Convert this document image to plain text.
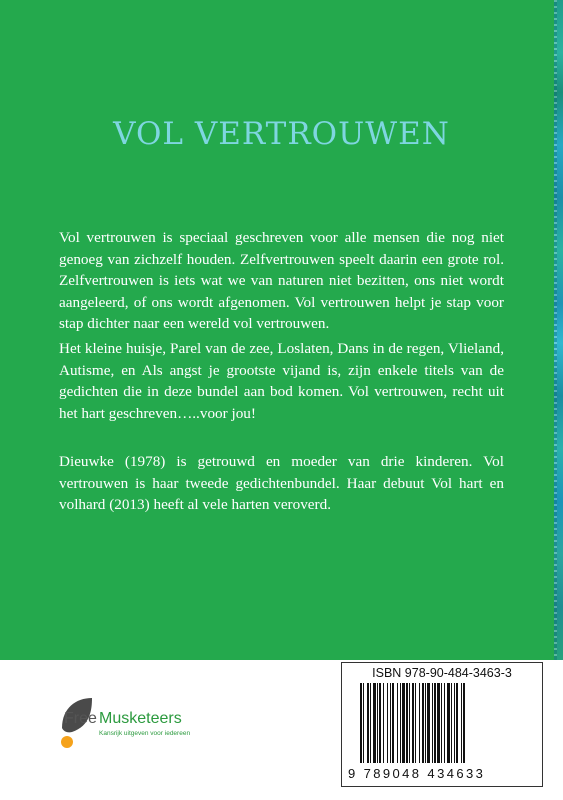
VOL VERTROUWEN

Vol vertrouwen is speciaal geschreven voor alle mensen die nog niet genoeg van zichzelf houden. Zelfvertrouwen speelt daarin een grote rol. Zelfvertrouwen is iets wat we van naturen niet bezitten, ons niet wordt aangeleerd, of ons wordt afgenomen. Vol vertrouwen helpt je stap voor stap dichter naar een wereld vol vertrouwen.

Het kleine huisje, Parel van de zee, Loslaten, Dans in de regen, Vlieland, Autisme, en Als angst je grootste vijand is, zijn enkele titels van de gedichten die in deze bundel aan bod komen. Vol vertrouwen, recht uit het hart geschreven…..voor jou!

Dieuwke (1978) is getrouwd en moeder van drie kinderen. Vol vertrouwen is haar tweede gedichtenbundel. Haar debuut Vol hart en volhard (2013) heeft al vele harten veroverd.

Free Musketeers
Kansrijk uitgeven voor iedereen
ISBN 978-90-484-3463-3
9 789048 434633
